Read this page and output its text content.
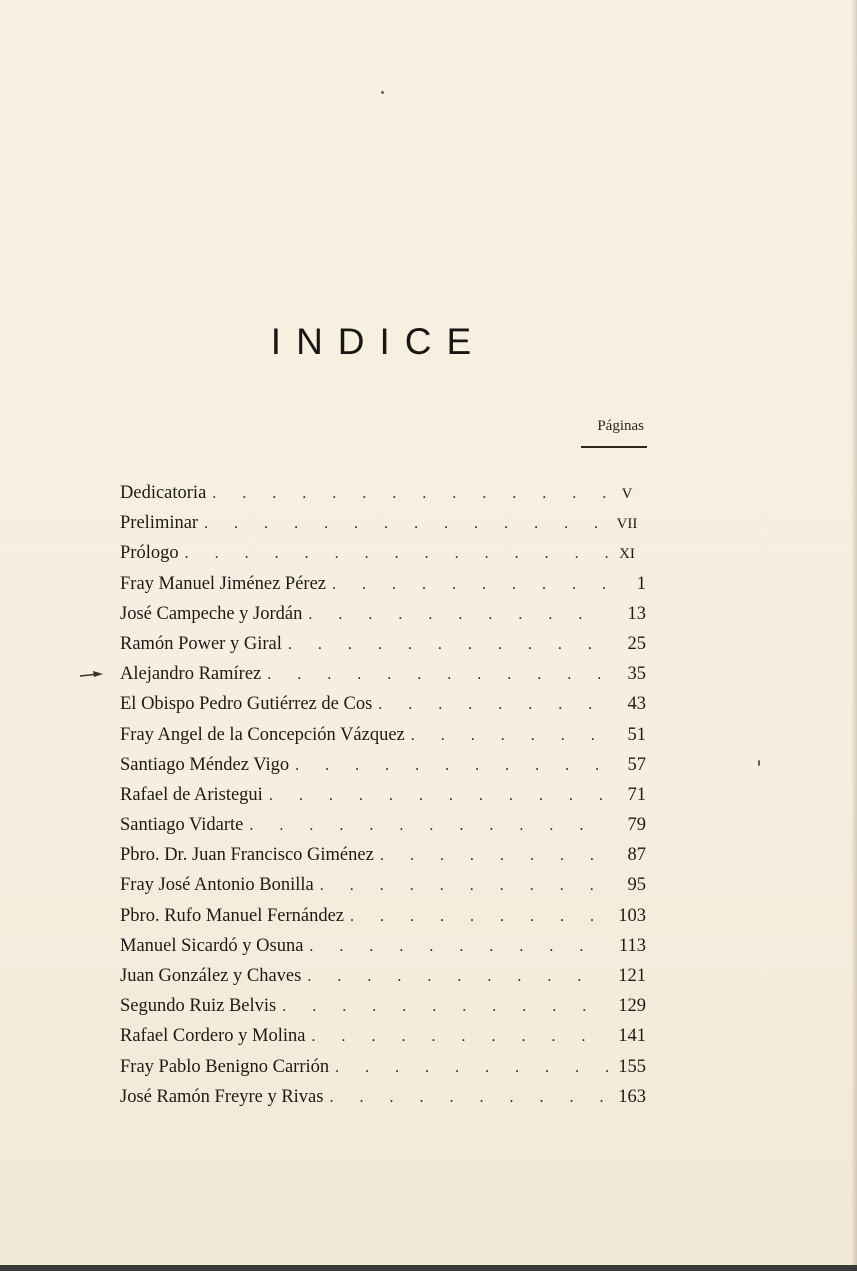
INDICE
Páginas
Dedicatoria . . .	V
Preliminar . . .	VII
Prólogo . . .	XI
Fray Manuel Jiménez Pérez . . .	1
José Campeche y Jordán . . .	13
Ramón Power y Giral . . .	25
Alejandro Ramírez . . .	35
El Obispo Pedro Gutiérrez de Cos . . .	43
Fray Angel de la Concepción Vázquez . . .	51
Santiago Méndez Vigo . . .	57
Rafael de Aristegui . . .	71
Santiago Vidarte . . .	79
Pbro. Dr. Juan Francisco Giménez . . .	87
Fray José Antonio Bonilla . . .	95
Pbro. Rufo Manuel Fernández . . .	103
Manuel Sicardó y Osuna . . .	113
Juan González y Chaves . . .	121
Segundo Ruiz Belvis . . .	129
Rafael Cordero y Molina . . .	141
Fray Pablo Benigno Carrión . . .	155
José Ramón Freyre y Rivas . . .	163
